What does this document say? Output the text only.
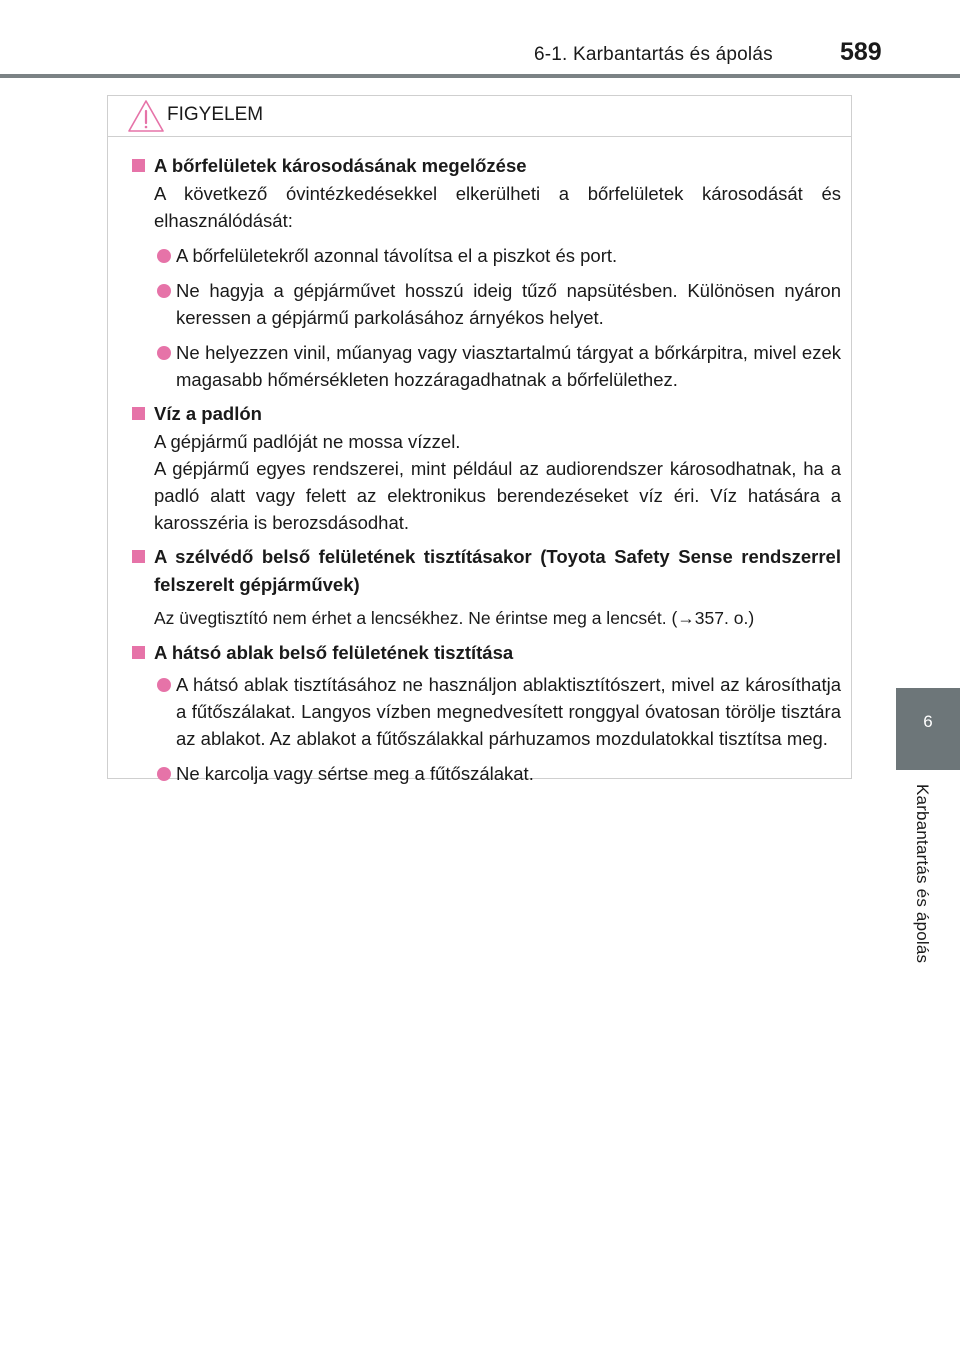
6-1. Karbantartás és ápolás	589
6
Karbantartás és ápolás
FIGYELEM
A bőrfelületek károsodásának megelőzése
A következő óvintézkedésekkel elkerülheti a bőrfelületek károsodását és elhasználódását:
A bőrfelületekről azonnal távolítsa el a piszkot és port.
Ne hagyja a gépjárművet hosszú ideig tűző napsütésben. Különösen nyáron keressen a gépjármű parkolásához árnyékos helyet.
Ne helyezzen vinil, műanyag vagy viasztartalmú tárgyat a bőrkárpitra, mivel ezek magasabb hőmérsékleten hozzáragadhatnak a bőrfelülethez.
Víz a padlón
A gépjármű padlóját ne mossa vízzel.
A gépjármű egyes rendszerei, mint például az audiorendszer károsodhatnak, ha a padló alatt vagy felett az elektronikus berendezéseket víz éri. Víz hatására a karosszéria is berozsdásodhat.
A szélvédő belső felületének tisztításakor (Toyota Safety Sense rendszerrel felszerelt gépjárművek)
Az üvegtisztító nem érhet a lencsékhez. Ne érintse meg a lencsét. (→357. o.)
A hátsó ablak belső felületének tisztítása
A hátsó ablak tisztításához ne használjon ablaktisztítószert, mivel az károsíthatja a fűtőszálakat. Langyos vízben megnedvesített ronggyal óvatosan törölje tisztára az ablakot. Az ablakot a fűtőszálakkal párhuzamos mozdulatokkal tisztítsa meg.
Ne karcolja vagy sértse meg a fűtőszálakat.
